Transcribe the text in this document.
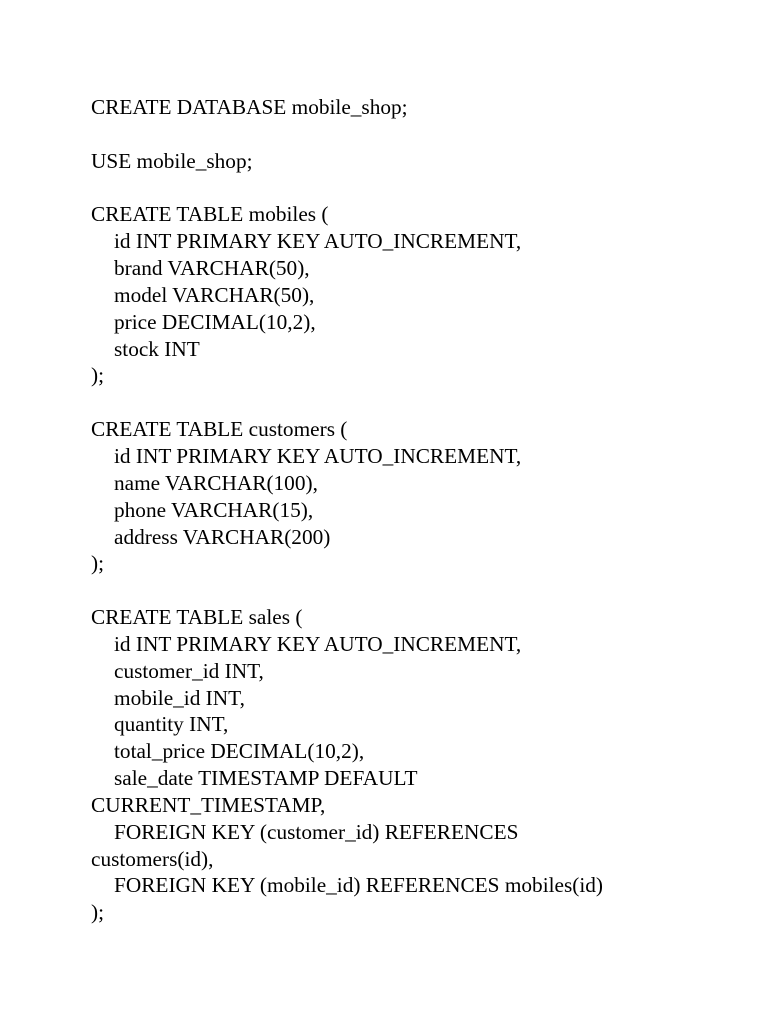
CREATE DATABASE mobile_shop;
USE mobile_shop;
CREATE TABLE mobiles (
id INT PRIMARY KEY AUTO_INCREMENT,
brand VARCHAR(50),
model VARCHAR(50),
price DECIMAL(10,2),
stock INT
);
CREATE TABLE customers (
id INT PRIMARY KEY AUTO_INCREMENT,
name VARCHAR(100),
phone VARCHAR(15),
address VARCHAR(200)
);
CREATE TABLE sales (
id INT PRIMARY KEY AUTO_INCREMENT,
customer_id INT,
mobile_id INT,
quantity INT,
total_price DECIMAL(10,2),
sale_date TIMESTAMP DEFAULT
CURRENT_TIMESTAMP,
FOREIGN KEY (customer_id) REFERENCES
customers(id),
FOREIGN KEY (mobile_id) REFERENCES mobiles(id)
);
